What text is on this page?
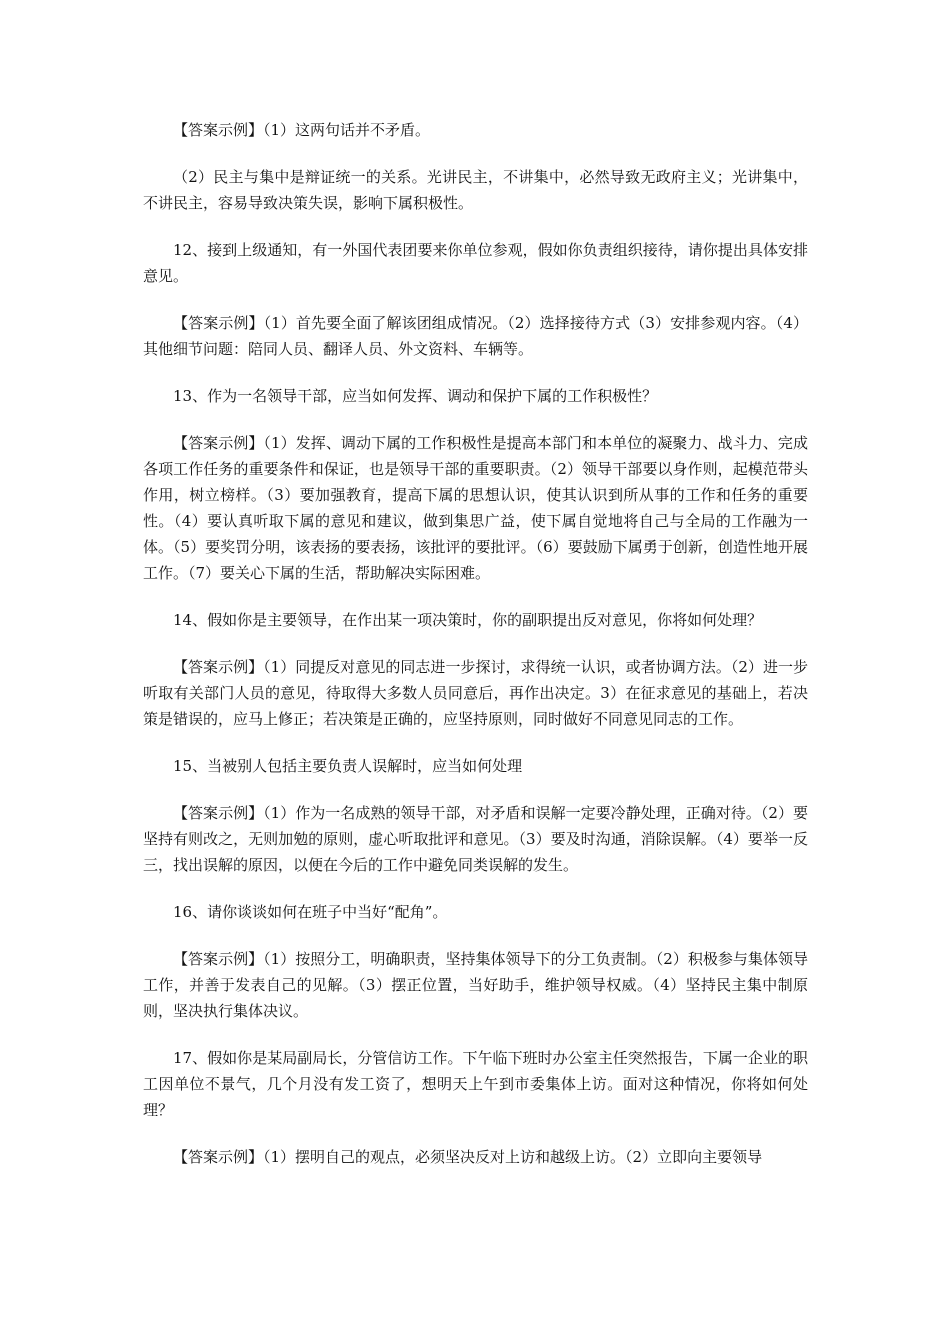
【答案示例】（1）这两句话并不矛盾。

（2）民主与集中是辩证统一的关系。光讲民主，不讲集中，必然导致无政府主义；光讲集中，不讲民主，容易导致决策失误，影响下属积极性。

12、接到上级通知，有一外国代表团要来你单位参观，假如你负责组织接待，请你提出具体安排意见。

【答案示例】（1）首先要全面了解该团组成情况。（2）选择接待方式（3）安排参观内容。（4）其他细节问题：陪同人员、翻译人员、外文资料、车辆等。

13、作为一名领导干部，应当如何发挥、调动和保护下属的工作积极性？

【答案示例】（1）发挥、调动下属的工作积极性是提高本部门和本单位的凝聚力、战斗力、完成各项工作任务的重要条件和保证，也是领导干部的重要职责。（2）领导干部要以身作则，起模范带头作用，树立榜样。（3）要加强教育，提高下属的思想认识，使其认识到所从事的工作和任务的重要性。（4）要认真听取下属的意见和建议，做到集思广益，使下属自觉地将自己与全局的工作融为一体。（5）要奖罚分明，该表扬的要表扬，该批评的要批评。（6）要鼓励下属勇于创新，创造性地开展工作。（7）要关心下属的生活，帮助解决实际困难。

14、假如你是主要领导，在作出某一项决策时，你的副职提出反对意见，你将如何处理？

【答案示例】（1）同提反对意见的同志进一步探讨，求得统一认识，或者协调方法。（2）进一步听取有关部门人员的意见，待取得大多数人员同意后，再作出决定。3）在征求意见的基础上，若决策是错误的，应马上修正；若决策是正确的，应坚持原则，同时做好不同意见同志的工作。

15、当被别人包括主要负责人误解时，应当如何处理

【答案示例】（1）作为一名成熟的领导干部，对矛盾和误解一定要冷静处理，正确对待。（2）要坚持有则改之，无则加勉的原则，虚心听取批评和意见。（3）要及时沟通，消除误解。（4）要举一反三，找出误解的原因，以便在今后的工作中避免同类误解的发生。

16、请你谈谈如何在班子中当好“配角”。

【答案示例】（1）按照分工，明确职责，坚持集体领导下的分工负责制。（2）积极参与集体领导工作，并善于发表自己的见解。（3）摆正位置，当好助手，维护领导权威。（4）坚持民主集中制原则，坚决执行集体决议。

17、假如你是某局副局长，分管信访工作。下午临下班时办公室主任突然报告，下属一企业的职工因单位不景气，几个月没有发工资了，想明天上午到市委集体上访。面对这种情况，你将如何处理？

【答案示例】（1）摆明自己的观点，必须坚决反对上访和越级上访。（2）立即向主要领导
